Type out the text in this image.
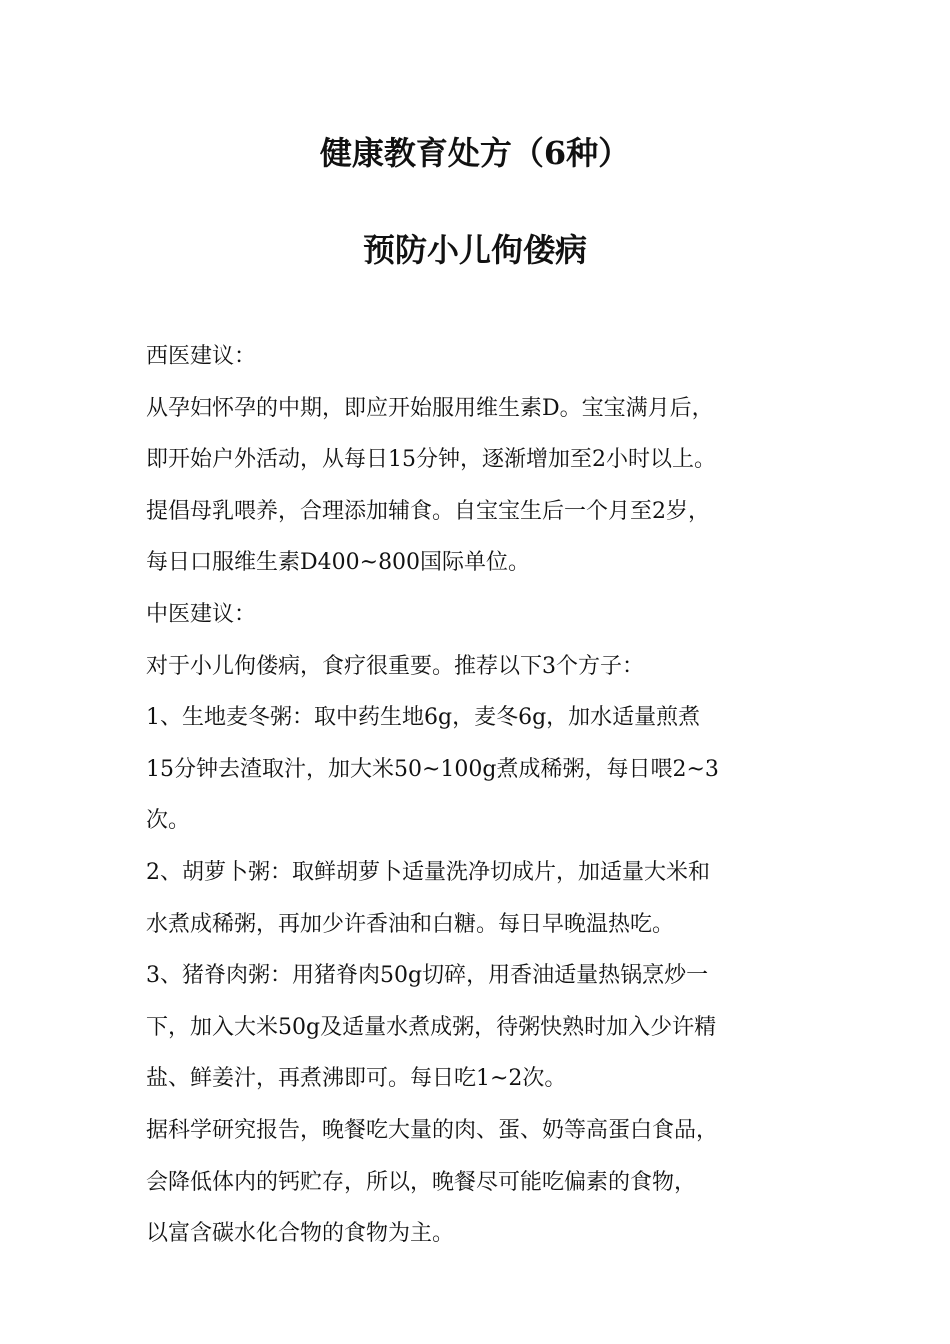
健康教育处方（6种）
预防小儿佝偻病
西医建议：
从孕妇怀孕的中期，即应开始服用维生素D。宝宝满月后，
即开始户外活动，从每日15分钟，逐渐增加至2小时以上。
提倡母乳喂养，合理添加辅食。自宝宝生后一个月至2岁，
每日口服维生素D400~800国际单位。
中医建议：
对于小儿佝偻病，食疗很重要。推荐以下3个方子：
1、生地麦冬粥：取中药生地6g，麦冬6g，加水适量煎煮
15分钟去渣取汁，加大米50~100g煮成稀粥，每日喂2~3
次。
2、胡萝卜粥：取鲜胡萝卜适量洗净切成片，加适量大米和
水煮成稀粥，再加少许香油和白糖。每日早晚温热吃。
3、猪脊肉粥：用猪脊肉50g切碎，用香油适量热锅烹炒一
下，加入大米50g及适量水煮成粥，待粥快熟时加入少许精
盐、鲜姜汁，再煮沸即可。每日吃1~2次。
据科学研究报告，晚餐吃大量的肉、蛋、奶等高蛋白食品，
会降低体内的钙贮存，所以，晚餐尽可能吃偏素的食物，
以富含碳水化合物的食物为主。
